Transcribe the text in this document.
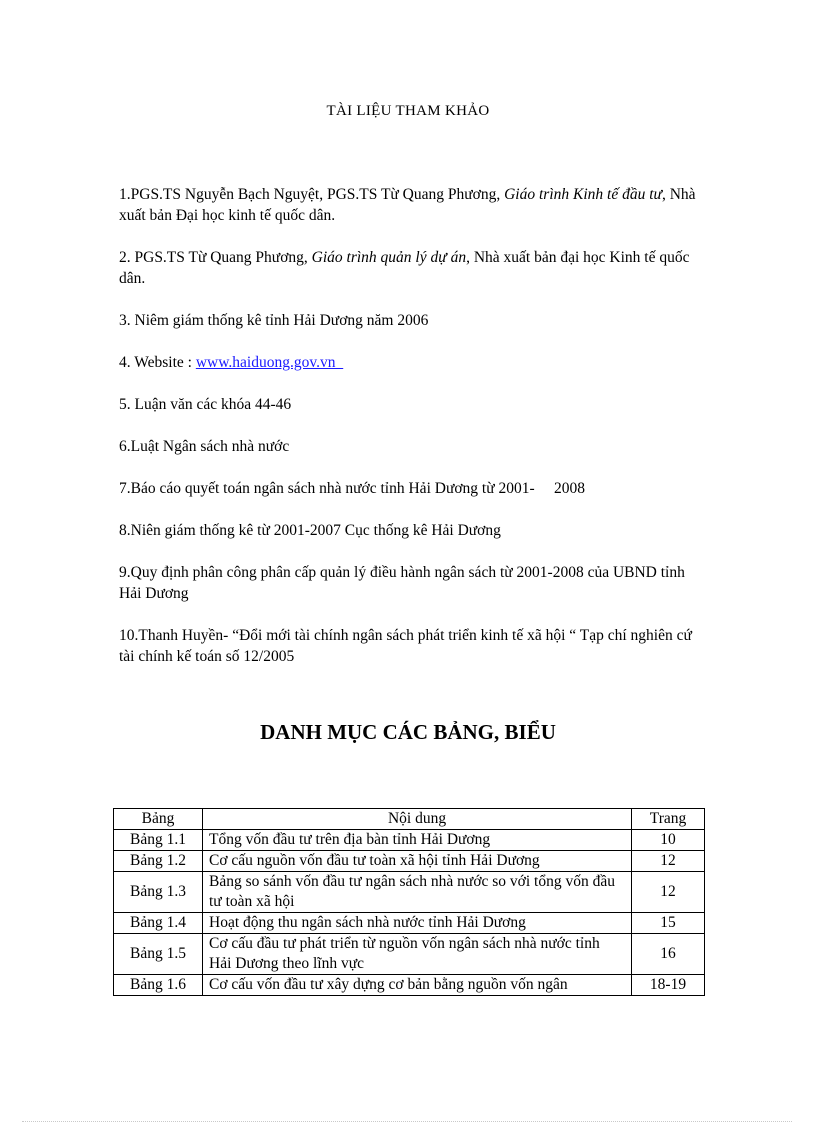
TÀI LIỆU THAM KHẢO

1.PGS.TS Nguyễn Bạch Nguyệt, PGS.TS Từ Quang Phương, Giáo trình Kinh tế đầu tư, Nhà xuất bản Đại học kinh tế quốc dân.

2. PGS.TS Từ Quang Phương, Giáo trình quản lý dự án, Nhà xuất bản đại học Kinh tế quốc dân.

3. Niêm giám thống kê tỉnh Hải Dương năm 2006

4. Website : www.haiduong.gov.vn

5. Luận văn các khóa 44-46

6.Luật Ngân sách nhà nước

7.Báo cáo quyết toán ngân sách nhà nước tỉnh Hải Dương từ 2001-     2008

8.Niên giám thống kê từ 2001-2007 Cục thống kê Hải Dương

9.Quy định phân công phân cấp quản lý điều hành ngân sách từ 2001-2008 của UBND tỉnh Hải Dương

10.Thanh Huyền- “Đổi mới tài chính ngân sách phát triển kinh tế xã hội “ Tạp chí nghiên cứ tài chính kế toán số 12/2005

DANH MỤC CÁC BẢNG, BIỂU
Bảng	Nội dung	Trang
Bảng 1.1	Tổng vốn đầu tư trên địa bàn tỉnh Hải Dương	10
Bảng 1.2	Cơ cấu nguồn vốn đầu tư toàn xã hội tỉnh Hải Dương	12
Bảng 1.3	Bảng so sánh vốn đầu tư ngân sách nhà nước so với tổng vốn đầu tư toàn xã hội	12
Bảng 1.4	Hoạt động thu ngân sách nhà nước tỉnh Hải Dương	15
Bảng 1.5	Cơ cấu đầu tư phát triển từ nguồn vốn ngân sách nhà nước tỉnh Hải Dương theo lĩnh vực	16
Bảng 1.6	Cơ cấu vốn đầu tư xây dựng cơ bản bằng nguồn vốn ngân	18-19
